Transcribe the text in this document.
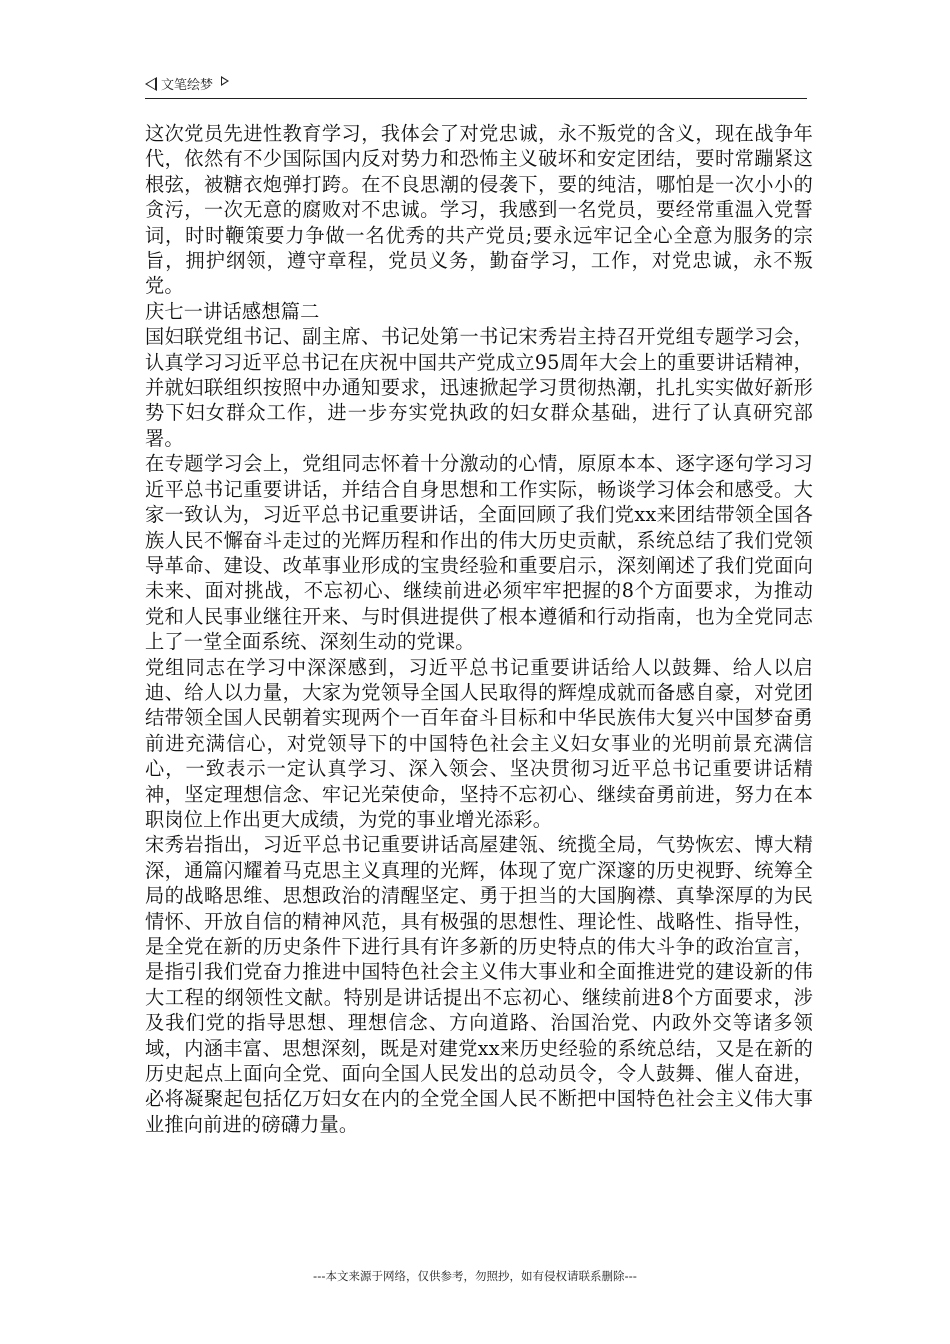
文笔绘梦

这次党员先进性教育学习，我体会了对党忠诚，永不叛党的含义，现在战争年代，依然有不少国际国内反对势力和恐怖主义破坏和安定团结，要时常蹦紧这根弦，被糖衣炮弹打跨。在不良思潮的侵袭下，要的纯洁，哪怕是一次小小的贪污，一次无意的腐败对不忠诚。学习，我感到一名党员，要经常重温入党誓词，时时鞭策要力争做一名优秀的共产党员;要永远牢记全心全意为服务的宗旨，拥护纲领，遵守章程，党员义务，勤奋学习，工作，对党忠诚，永不叛党。

庆七一讲话感想篇二

国妇联党组书记、副主席、书记处第一书记宋秀岩主持召开党组专题学习会，认真学习习近平总书记在庆祝中国共产党成立95周年大会上的重要讲话精神，并就妇联组织按照中办通知要求，迅速掀起学习贯彻热潮，扎扎实实做好新形势下妇女群众工作，进一步夯实党执政的妇女群众基础，进行了认真研究部署。

在专题学习会上，党组同志怀着十分激动的心情，原原本本、逐字逐句学习习近平总书记重要讲话，并结合自身思想和工作实际，畅谈学习体会和感受。大家一致认为，习近平总书记重要讲话，全面回顾了我们党xx来团结带领全国各族人民不懈奋斗走过的光辉历程和作出的伟大历史贡献，系统总结了我们党领导革命、建设、改革事业形成的宝贵经验和重要启示，深刻阐述了我们党面向未来、面对挑战，不忘初心、继续前进必须牢牢把握的8个方面要求，为推动党和人民事业继往开来、与时俱进提供了根本遵循和行动指南，也为全党同志上了一堂全面系统、深刻生动的党课。

党组同志在学习中深深感到，习近平总书记重要讲话给人以鼓舞、给人以启迪、给人以力量，大家为党领导全国人民取得的辉煌成就而备感自豪，对党团结带领全国人民朝着实现两个一百年奋斗目标和中华民族伟大复兴中国梦奋勇前进充满信心，对党领导下的中国特色社会主义妇女事业的光明前景充满信心，一致表示一定认真学习、深入领会、坚决贯彻习近平总书记重要讲话精神，坚定理想信念、牢记光荣使命，坚持不忘初心、继续奋勇前进，努力在本职岗位上作出更大成绩，为党的事业增光添彩。

宋秀岩指出，习近平总书记重要讲话高屋建瓴、统揽全局，气势恢宏、博大精深，通篇闪耀着马克思主义真理的光辉，体现了宽广深邃的历史视野、统筹全局的战略思维、思想政治的清醒坚定、勇于担当的大国胸襟、真挚深厚的为民情怀、开放自信的精神风范，具有极强的思想性、理论性、战略性、指导性，是全党在新的历史条件下进行具有许多新的历史特点的伟大斗争的政治宣言，是指引我们党奋力推进中国特色社会主义伟大事业和全面推进党的建设新的伟大工程的纲领性文献。特别是讲话提出不忘初心、继续前进8个方面要求，涉及我们党的指导思想、理想信念、方向道路、治国治党、内政外交等诸多领域，内涵丰富、思想深刻，既是对建党xx来历史经验的系统总结，又是在新的历史起点上面向全党、面向全国人民发出的总动员令，令人鼓舞、催人奋进，必将凝聚起包括亿万妇女在内的全党全国人民不断把中国特色社会主义伟大事业推向前进的磅礴力量。

---本文来源于网络，仅供参考，勿照抄，如有侵权请联系删除---
